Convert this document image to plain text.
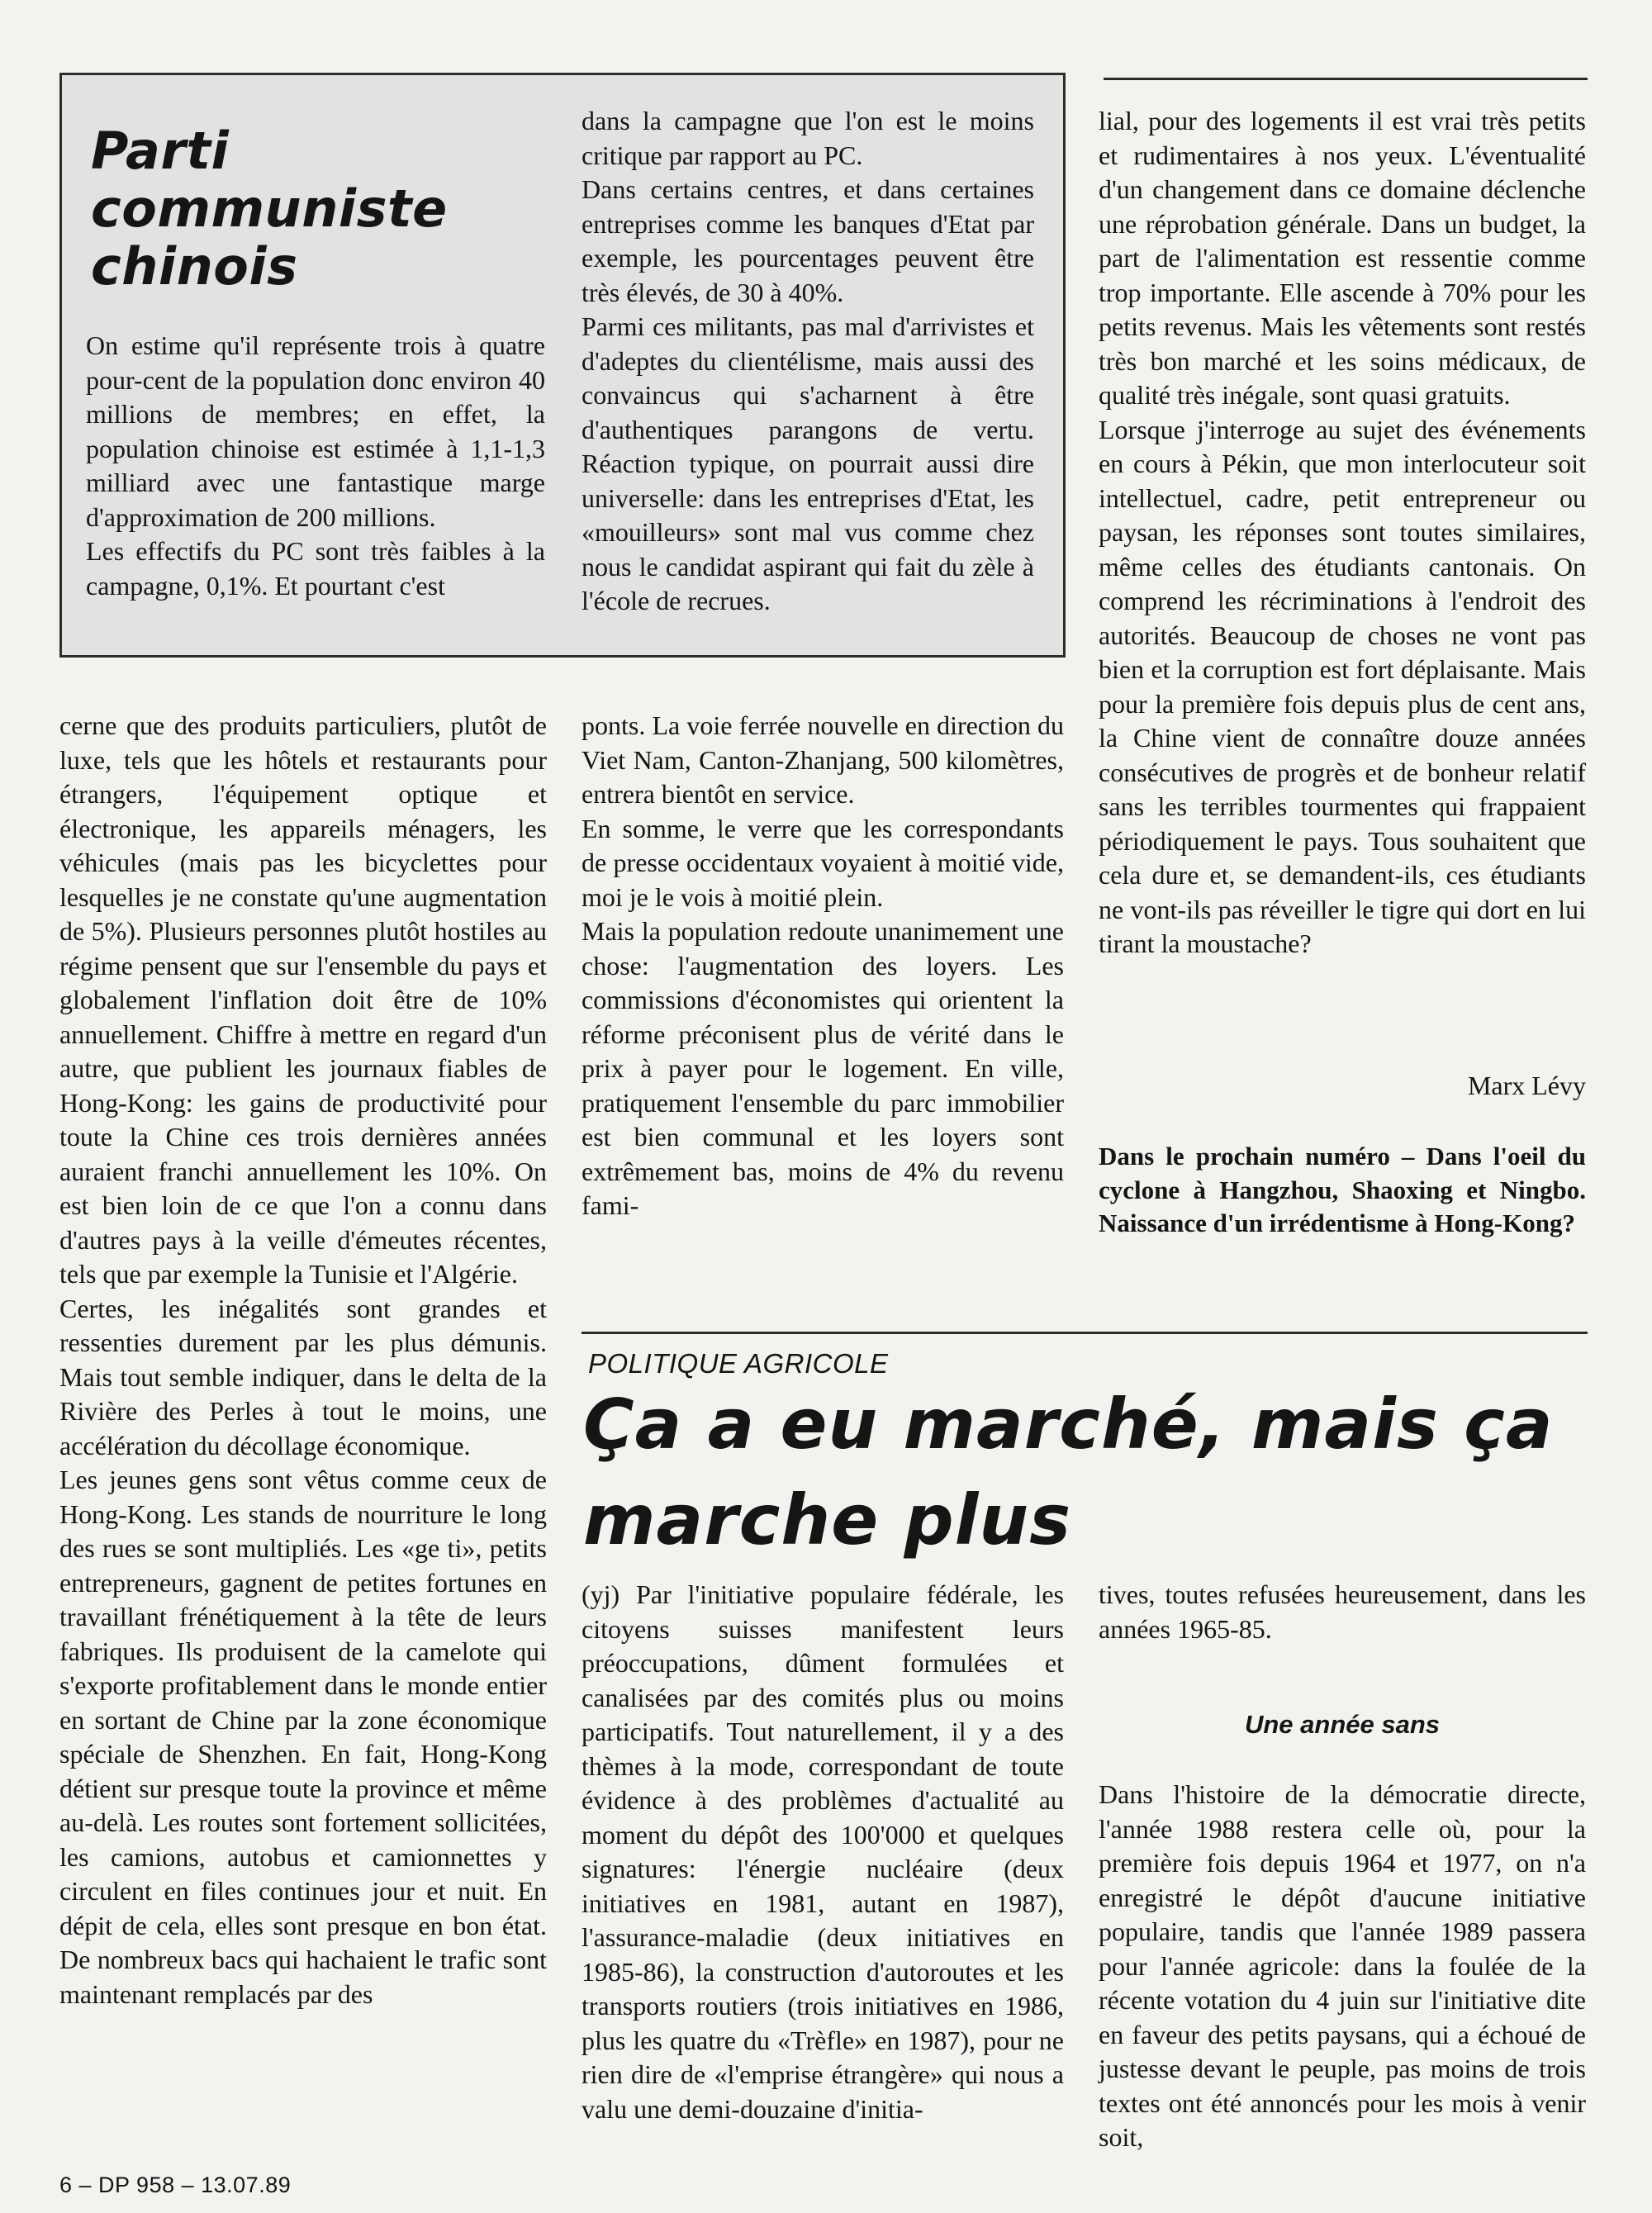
Parti communiste chinois

On estime qu'il représente trois à quatre pour-cent de la population donc environ 40 millions de membres; en effet, la population chinoise est estimée à 1,1-1,3 milliard avec une fantastique marge d'approximation de 200 millions.

Les effectifs du PC sont très faibles à la campagne, 0,1%. Et pourtant c'est

dans la campagne que l'on est le moins critique par rapport au PC.

Dans certains centres, et dans certaines entreprises comme les banques d'Etat par exemple, les pourcentages peuvent être très élevés, de 30 à 40%.

Parmi ces militants, pas mal d'arrivistes et d'adeptes du clientélisme, mais aussi des convaincus qui s'acharnent à être d'authentiques parangons de vertu. Réaction typique, on pourrait aussi dire universelle: dans les entreprises d'Etat, les «mouilleurs» sont mal vus comme chez nous le candidat aspirant qui fait du zèle à l'école de recrues.

cerne que des produits particuliers, plutôt de luxe, tels que les hôtels et restaurants pour étrangers, l'équipement optique et électronique, les appareils ménagers, les véhicules (mais pas les bicyclettes pour lesquelles je ne constate qu'une augmentation de 5%). Plusieurs personnes plutôt hostiles au régime pensent que sur l'ensemble du pays et globalement l'inflation doit être de 10% annuellement. Chiffre à mettre en regard d'un autre, que publient les journaux fiables de Hong-Kong: les gains de productivité pour toute la Chine ces trois dernières années auraient franchi annuellement les 10%. On est bien loin de ce que l'on a connu dans d'autres pays à la veille d'émeutes récentes, tels que par exemple la Tunisie et l'Algérie.

Certes, les inégalités sont grandes et ressenties durement par les plus démunis. Mais tout semble indiquer, dans le delta de la Rivière des Perles à tout le moins, une accélération du décollage économique.

Les jeunes gens sont vêtus comme ceux de Hong-Kong. Les stands de nourriture le long des rues se sont multipliés. Les «ge ti», petits entrepreneurs, gagnent de petites fortunes en travaillant frénétiquement à la tête de leurs fabriques. Ils produisent de la camelote qui s'exporte profitablement dans le monde entier en sortant de Chine par la zone économique spéciale de Shenzhen. En fait, Hong-Kong détient sur presque toute la province et même au-delà. Les routes sont fortement sollicitées, les camions, autobus et camionnettes y circulent en files continues jour et nuit. En dépit de cela, elles sont presque en bon état. De nombreux bacs qui hachaient le trafic sont maintenant remplacés par des

ponts. La voie ferrée nouvelle en direction du Viet Nam, Canton-Zhanjang, 500 kilomètres, entrera bientôt en service.

En somme, le verre que les correspondants de presse occidentaux voyaient à moitié vide, moi je le vois à moitié plein.

Mais la population redoute unanimement une chose: l'augmentation des loyers. Les commissions d'économistes qui orientent la réforme préconisent plus de vérité dans le prix à payer pour le logement. En ville, pratiquement l'ensemble du parc immobilier est bien communal et les loyers sont extrêmement bas, moins de 4% du revenu fami-

lial, pour des logements il est vrai très petits et rudimentaires à nos yeux. L'éventualité d'un changement dans ce domaine déclenche une réprobation générale. Dans un budget, la part de l'alimentation est ressentie comme trop importante. Elle ascende à 70% pour les petits revenus. Mais les vêtements sont restés très bon marché et les soins médicaux, de qualité très inégale, sont quasi gratuits.

Lorsque j'interroge au sujet des événements en cours à Pékin, que mon interlocuteur soit intellectuel, cadre, petit entrepreneur ou paysan, les réponses sont toutes similaires, même celles des étudiants cantonais. On comprend les récriminations à l'endroit des autorités. Beaucoup de choses ne vont pas bien et la corruption est fort déplaisante. Mais pour la première fois depuis plus de cent ans, la Chine vient de connaître douze années consécutives de progrès et de bonheur relatif sans les terribles tourmentes qui frappaient périodiquement le pays. Tous souhaitent que cela dure et, se demandent-ils, ces étudiants ne vont-ils pas réveiller le tigre qui dort en lui tirant la moustache?

Marx Lévy

Dans le prochain numéro – Dans l'oeil du cyclone à Hangzhou, Shaoxing et Ningbo. Naissance d'un irrédentisme à Hong-Kong?

POLITIQUE AGRICOLE

Ça a eu marché, mais ça marche plus

(yj) Par l'initiative populaire fédérale, les citoyens suisses manifestent leurs préoccupations, dûment formulées et canalisées par des comités plus ou moins participatifs. Tout naturellement, il y a des thèmes à la mode, correspondant de toute évidence à des problèmes d'actualité au moment du dépôt des 100'000 et quelques signatures: l'énergie nucléaire (deux initiatives en 1981, autant en 1987), l'assurance-maladie (deux initiatives en 1985-86), la construction d'autoroutes et les transports routiers (trois initiatives en 1986, plus les quatre du «Trèfle» en 1987), pour ne rien dire de «l'emprise étrangère» qui nous a valu une demi-douzaine d'initia-

tives, toutes refusées heureusement, dans les années 1965-85.

Une année sans

Dans l'histoire de la démocratie directe, l'année 1988 restera celle où, pour la première fois depuis 1964 et 1977, on n'a enregistré le dépôt d'aucune initiative populaire, tandis que l'année 1989 passera pour l'année agricole: dans la foulée de la récente votation du 4 juin sur l'initiative dite en faveur des petits paysans, qui a échoué de justesse devant le peuple, pas moins de trois textes ont été annoncés pour les mois à venir soit,

6 – DP 958 – 13.07.89
